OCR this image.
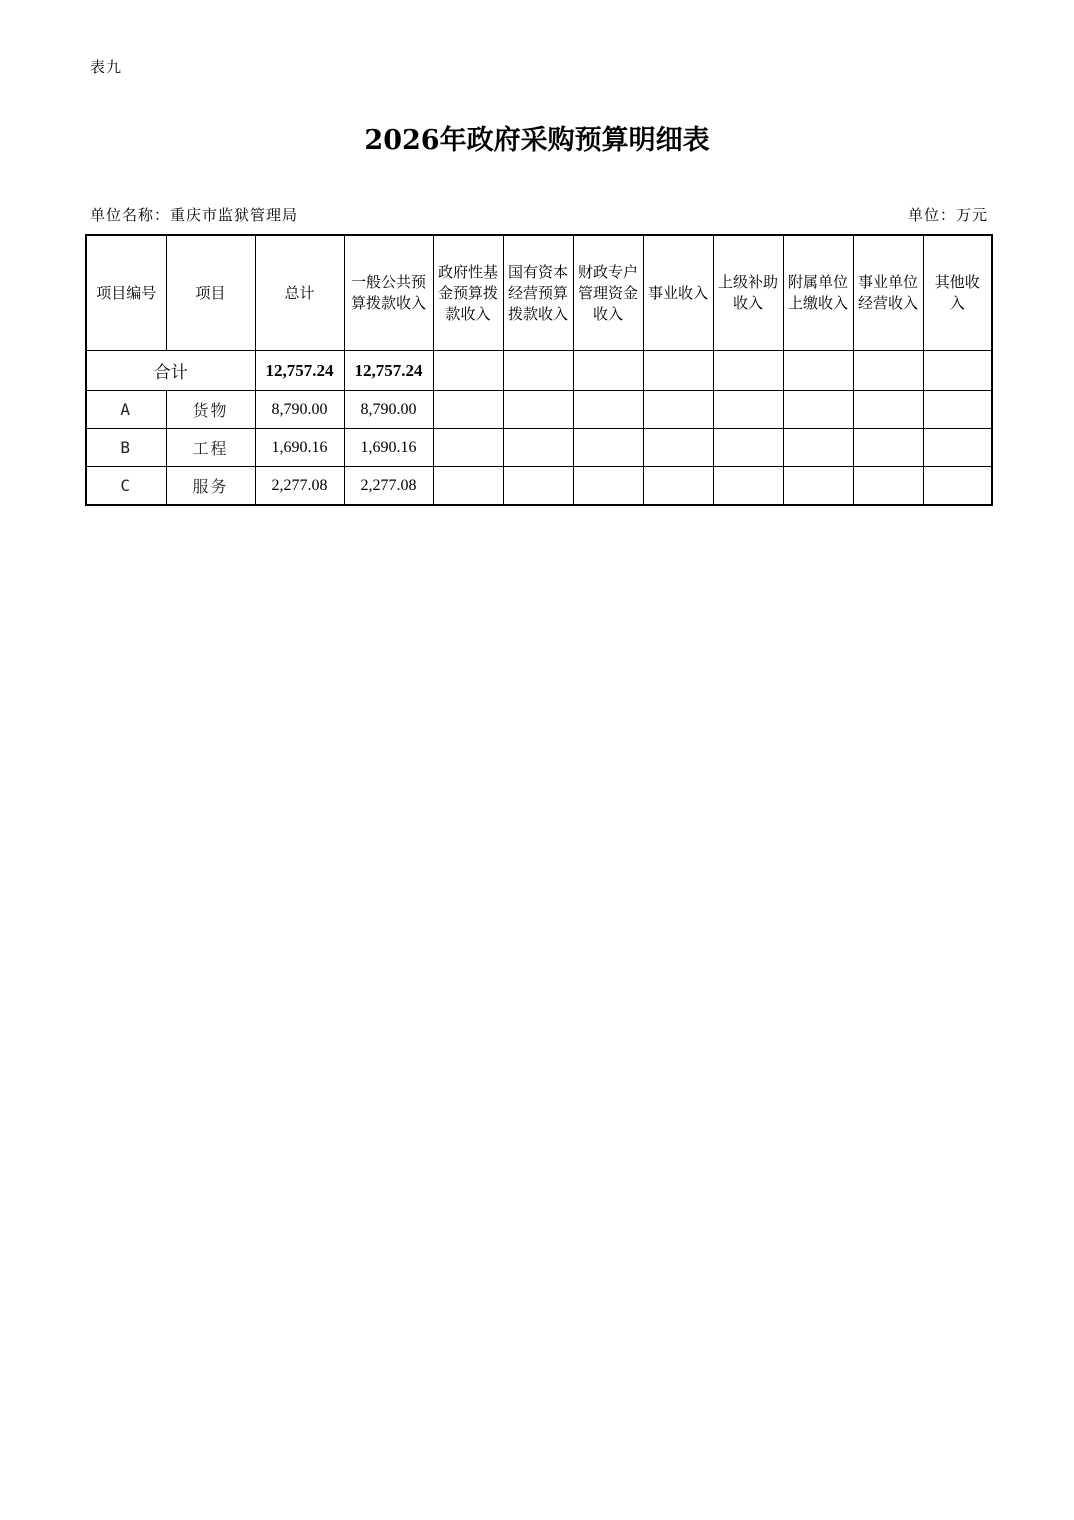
表九
2026年政府采购预算明细表
单位名称：重庆市监狱管理局	单位：万元
项目编号	项目	总计	一般公共预算拨款收入	政府性基金预算拨款收入	国有资本经营预算拨款收入	财政专户管理资金收入	事业收入	上级补助收入	附属单位上缴收入	事业单位经营收入	其他收入
合计		12,757.24	12,757.24								
A	货物	8,790.00	8,790.00								
B	工程	1,690.16	1,690.16								
C	服务	2,277.08	2,277.08								
